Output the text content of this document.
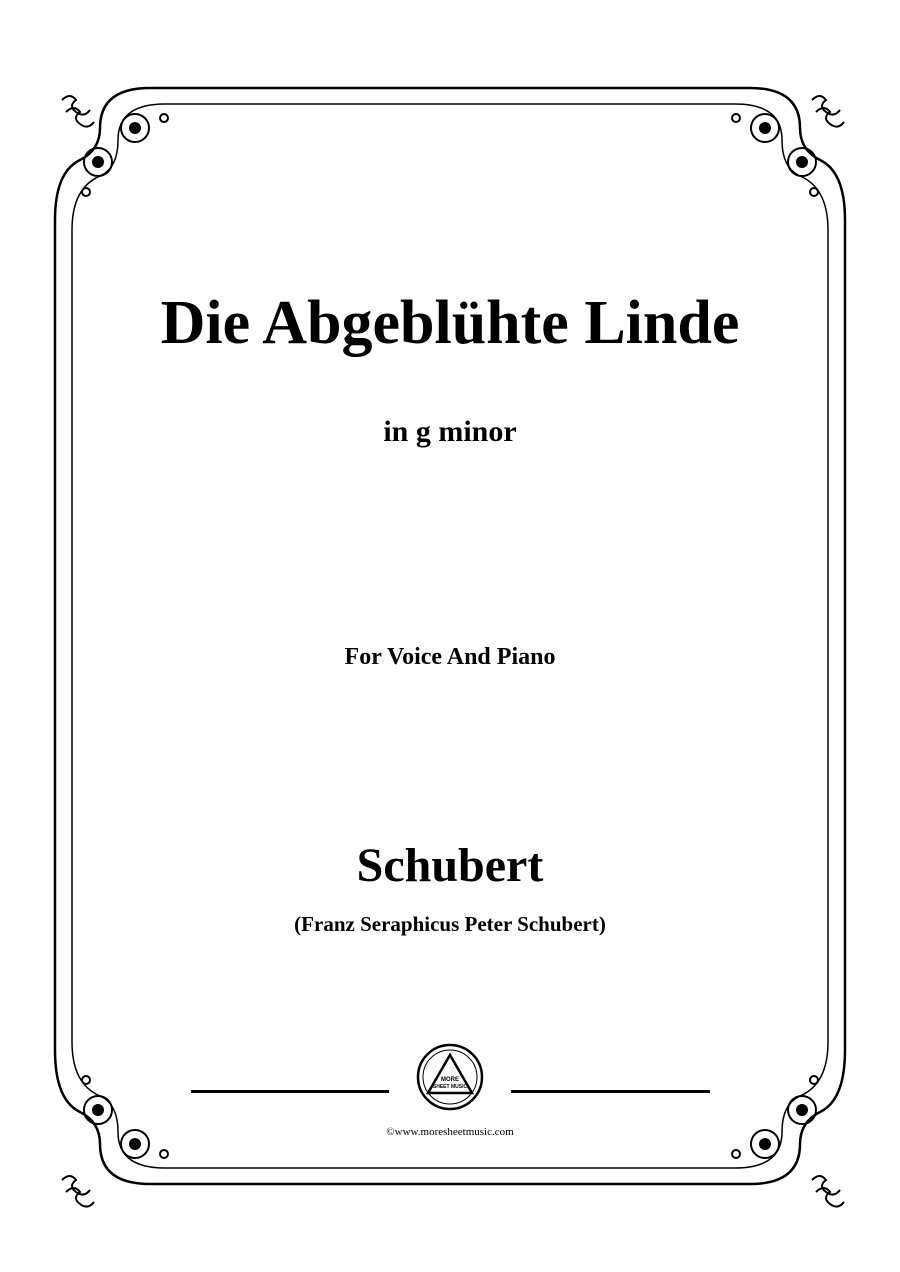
Die Abgeblühte Linde
in g minor
For Voice And Piano
Schubert
(Franz Seraphicus Peter Schubert)
MORE
SHEET MUSIC
©www.moresheetmusic.com
